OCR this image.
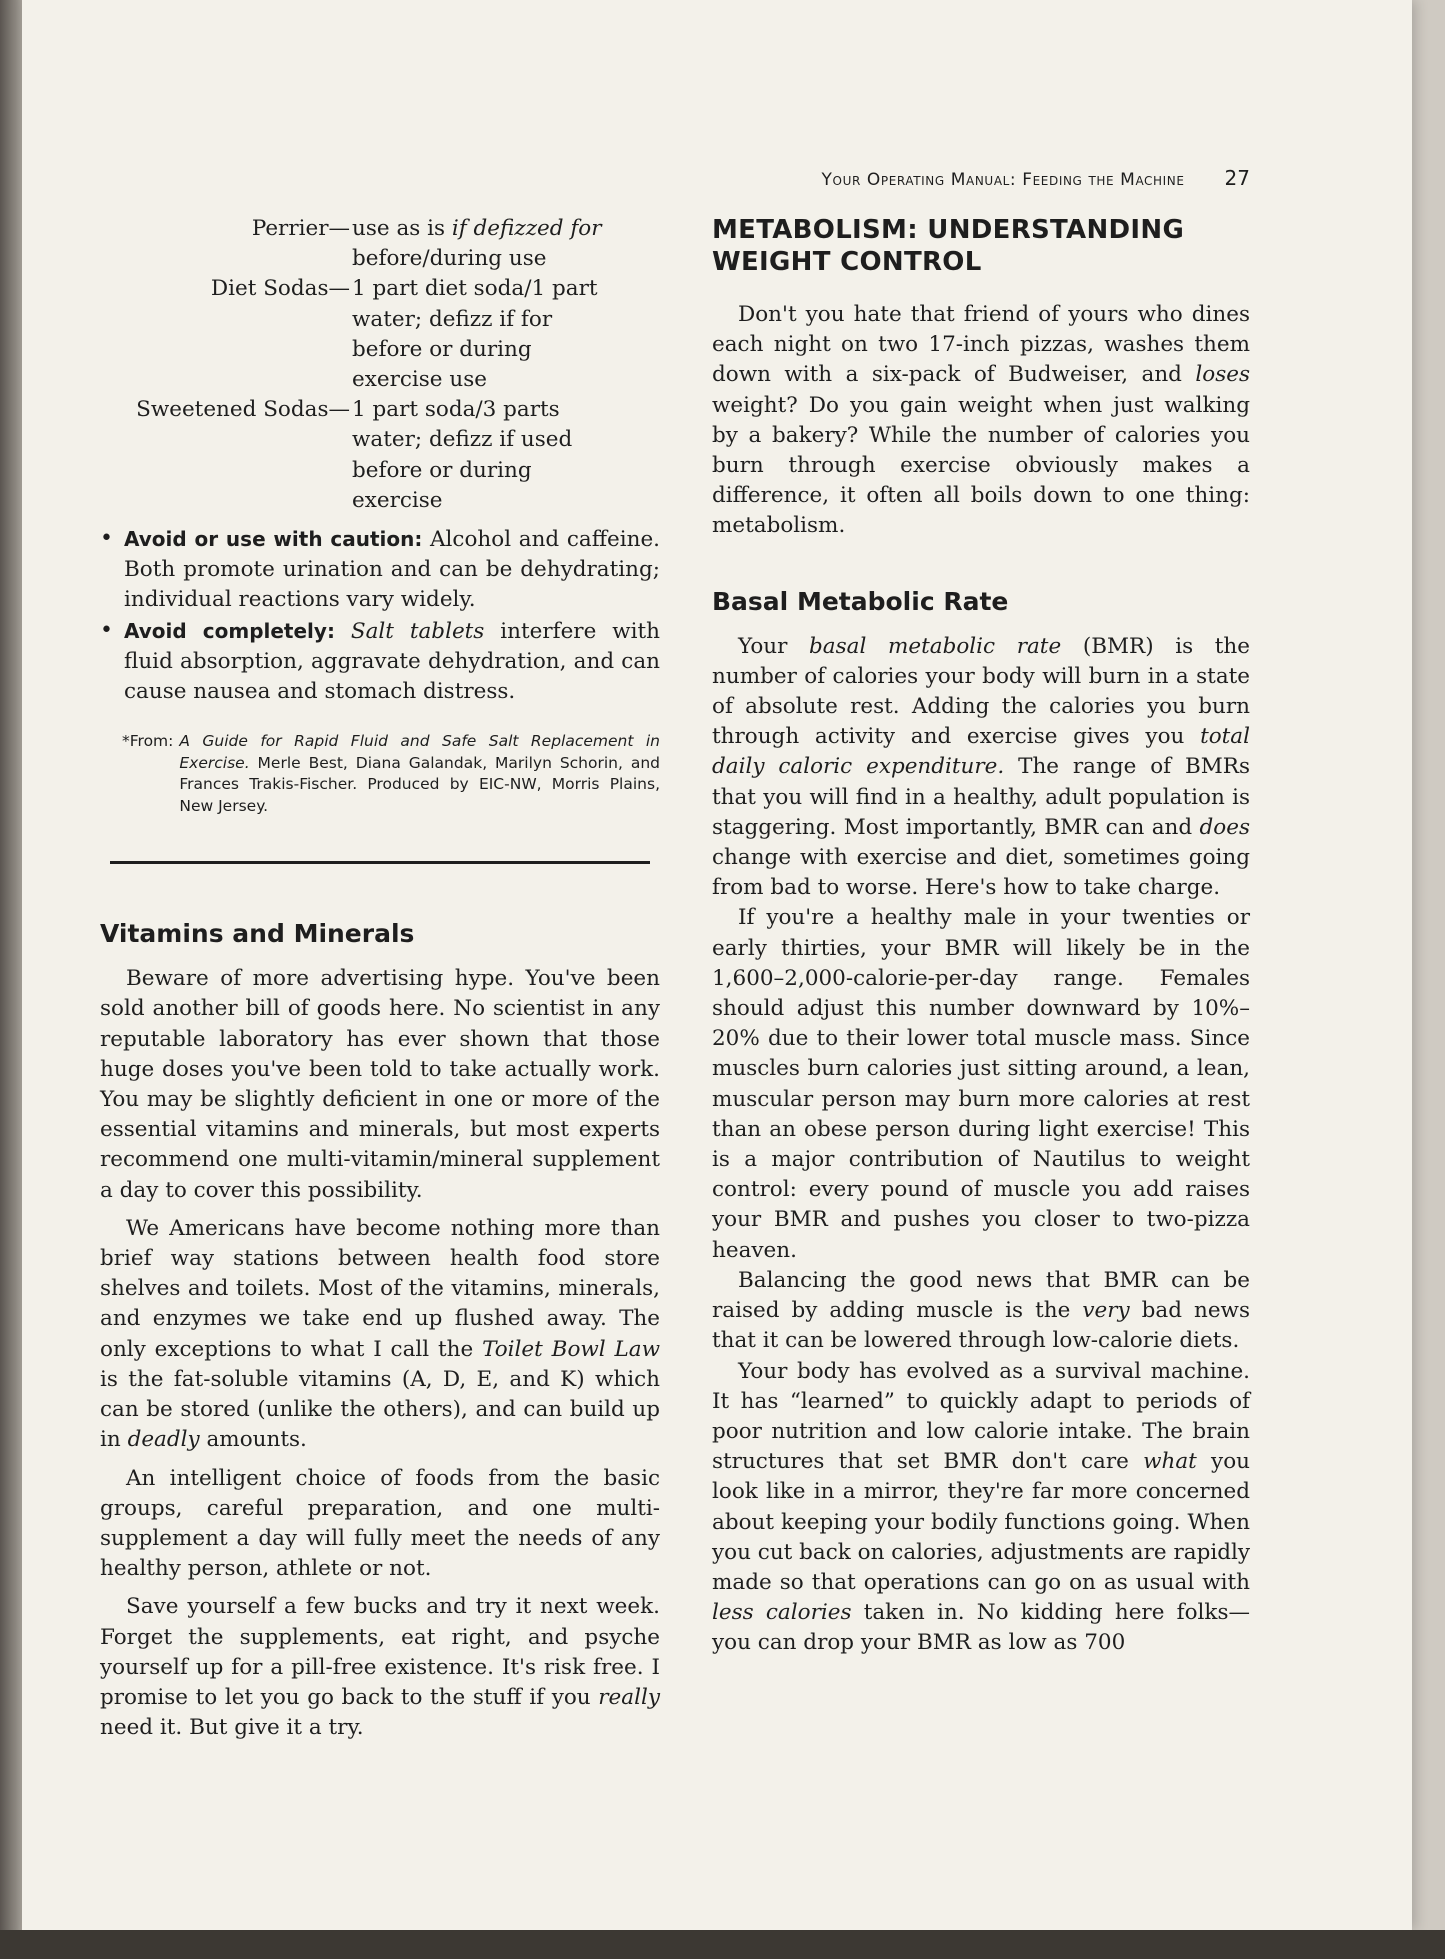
Your Operating Manual: Feeding the Machine 27
Perrier— use as is if defizzed for before/during use
Diet Sodas— 1 part diet soda/1 part water; defizz if for before or during exercise use
Sweetened Sodas— 1 part soda/3 parts water; defizz if used before or during exercise
• Avoid or use with caution: Alcohol and caffeine. Both promote urination and can be dehydrating; individual reactions vary widely.
• Avoid completely: Salt tablets interfere with fluid absorption, aggravate dehydration, and can cause nausea and stomach distress.
*From: A Guide for Rapid Fluid and Safe Salt Replacement in Exercise. Merle Best, Diana Galandak, Marilyn Schorin, and Frances Trakis-Fischer. Produced by EIC-NW, Morris Plains, New Jersey.
Vitamins and Minerals

Beware of more advertising hype. You've been sold another bill of goods here. No scientist in any reputable laboratory has ever shown that those huge doses you've been told to take actually work. You may be slightly deficient in one or more of the essential vitamins and minerals, but most experts recommend one multi-vitamin/mineral supplement a day to cover this possibility.

We Americans have become nothing more than brief way stations between health food store shelves and toilets. Most of the vitamins, minerals, and enzymes we take end up flushed away. The only exceptions to what I call the Toilet Bowl Law is the fat-soluble vitamins (A, D, E, and K) which can be stored (unlike the others), and can build up in deadly amounts.

An intelligent choice of foods from the basic groups, careful preparation, and one multi-supplement a day will fully meet the needs of any healthy person, athlete or not.

Save yourself a few bucks and try it next week. Forget the supplements, eat right, and psyche yourself up for a pill-free existence. It's risk free. I promise to let you go back to the stuff if you really need it. But give it a try.

METABOLISM: UNDERSTANDING WEIGHT CONTROL

Don't you hate that friend of yours who dines each night on two 17-inch pizzas, washes them down with a six-pack of Budweiser, and loses weight? Do you gain weight when just walking by a bakery? While the number of calories you burn through exercise obviously makes a difference, it often all boils down to one thing: metabolism.

Basal Metabolic Rate

Your basal metabolic rate (BMR) is the number of calories your body will burn in a state of absolute rest. Adding the calories you burn through activity and exercise gives you total daily caloric expenditure. The range of BMRs that you will find in a healthy, adult population is staggering. Most importantly, BMR can and does change with exercise and diet, sometimes going from bad to worse. Here's how to take charge.

If you're a healthy male in your twenties or early thirties, your BMR will likely be in the 1,600–2,000-calorie-per-day range. Females should adjust this number downward by 10%–20% due to their lower total muscle mass. Since muscles burn calories just sitting around, a lean, muscular person may burn more calories at rest than an obese person during light exercise! This is a major contribution of Nautilus to weight control: every pound of muscle you add raises your BMR and pushes you closer to two-pizza heaven.

Balancing the good news that BMR can be raised by adding muscle is the very bad news that it can be lowered through low-calorie diets.

Your body has evolved as a survival machine. It has “learned” to quickly adapt to periods of poor nutrition and low calorie intake. The brain structures that set BMR don't care what you look like in a mirror, they're far more concerned about keeping your bodily functions going. When you cut back on calories, adjustments are rapidly made so that operations can go on as usual with less calories taken in. No kidding here folks—you can drop your BMR as low as 700
